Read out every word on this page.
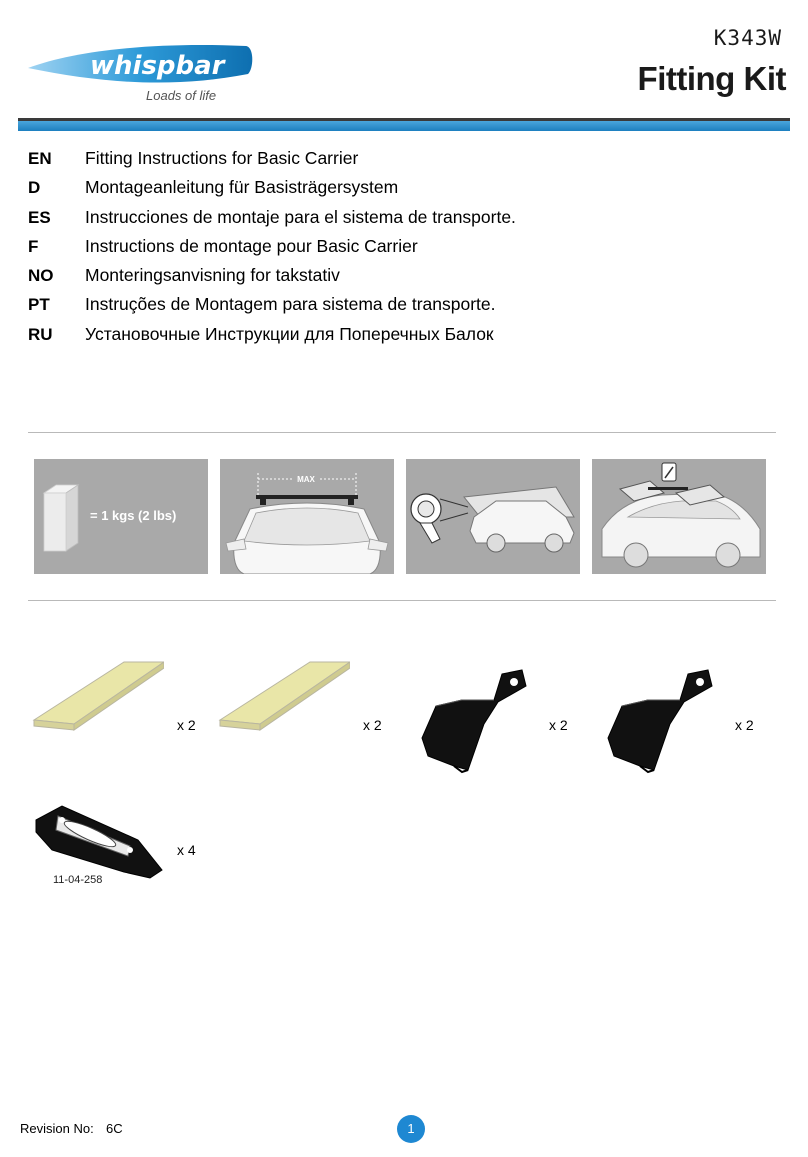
whispbar
Loads of life
K343W
Fitting Kit
EN	Fitting Instructions for Basic Carrier
D	Montageanleitung für Basisträgersystem
ES	Instrucciones de montaje para el sistema de transporte.
F	Instructions de montage pour Basic Carrier
NO	Monteringsanvisning for takstativ
PT	Instruções de Montagem para sistema de transporte.
RU	Установочные Инструкции для Поперечных Балок
= 1 kgs (2 lbs)
MAX
x 2	x 2	x 2	x 2
x 4
11-04-258
Revision No: 6C	1
